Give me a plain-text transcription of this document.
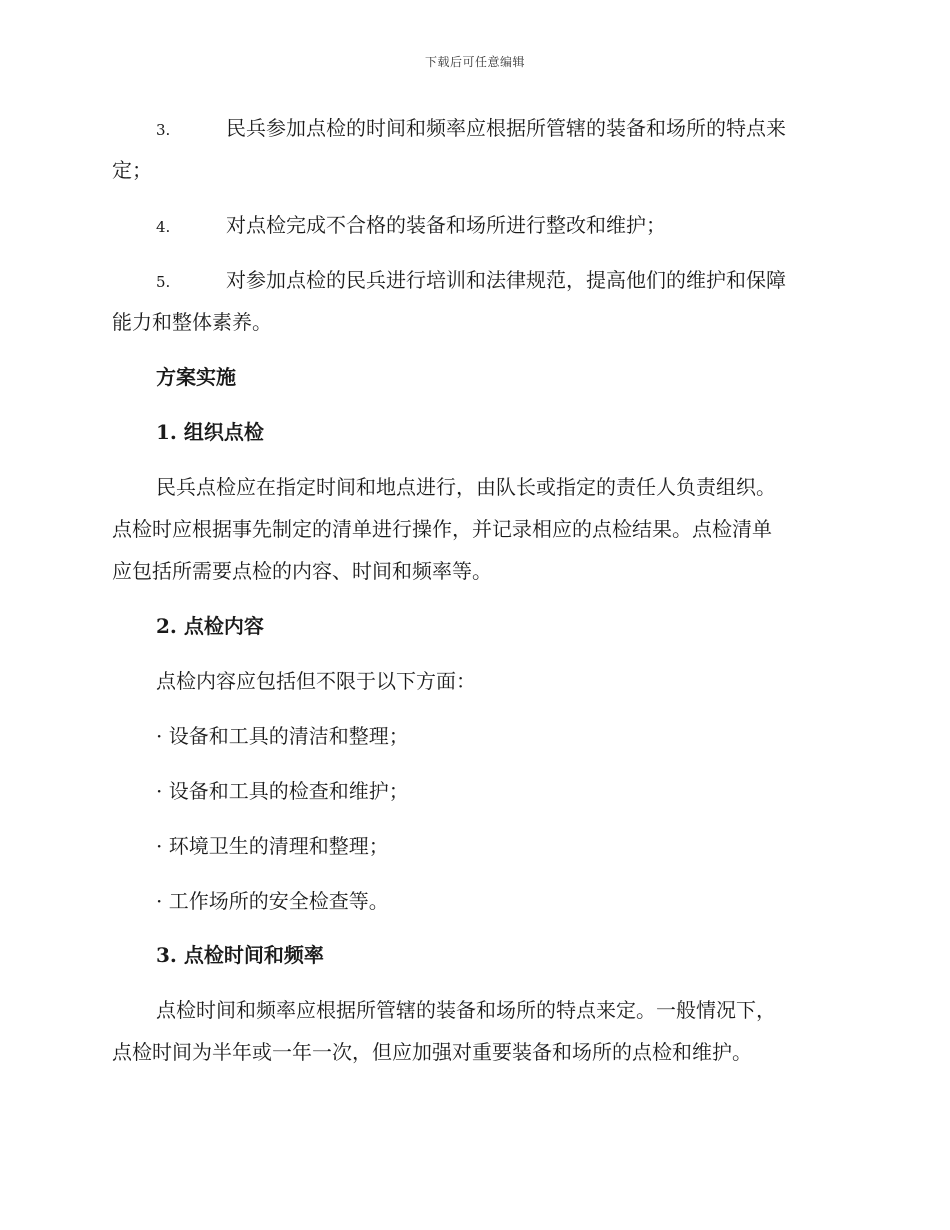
下载后可任意编辑
3.	民兵参加点检的时间和频率应根据所管辖的装备和场所的特点来
定；
4.	对点检完成不合格的装备和场所进行整改和维护；
5.	对参加点检的民兵进行培训和法律规范，提高他们的维护和保障
能力和整体素养。
方案实施
1. 组织点检
民兵点检应在指定时间和地点进行，由队长或指定的责任人负责组织。
点检时应根据事先制定的清单进行操作，并记录相应的点检结果。点检清单
应包括所需要点检的内容、时间和频率等。
2. 点检内容
点检内容应包括但不限于以下方面：
· 设备和工具的清洁和整理；
· 设备和工具的检查和维护；
· 环境卫生的清理和整理；
· 工作场所的安全检查等。
3. 点检时间和频率
点检时间和频率应根据所管辖的装备和场所的特点来定。一般情况下，
点检时间为半年或一年一次，但应加强对重要装备和场所的点检和维护。
